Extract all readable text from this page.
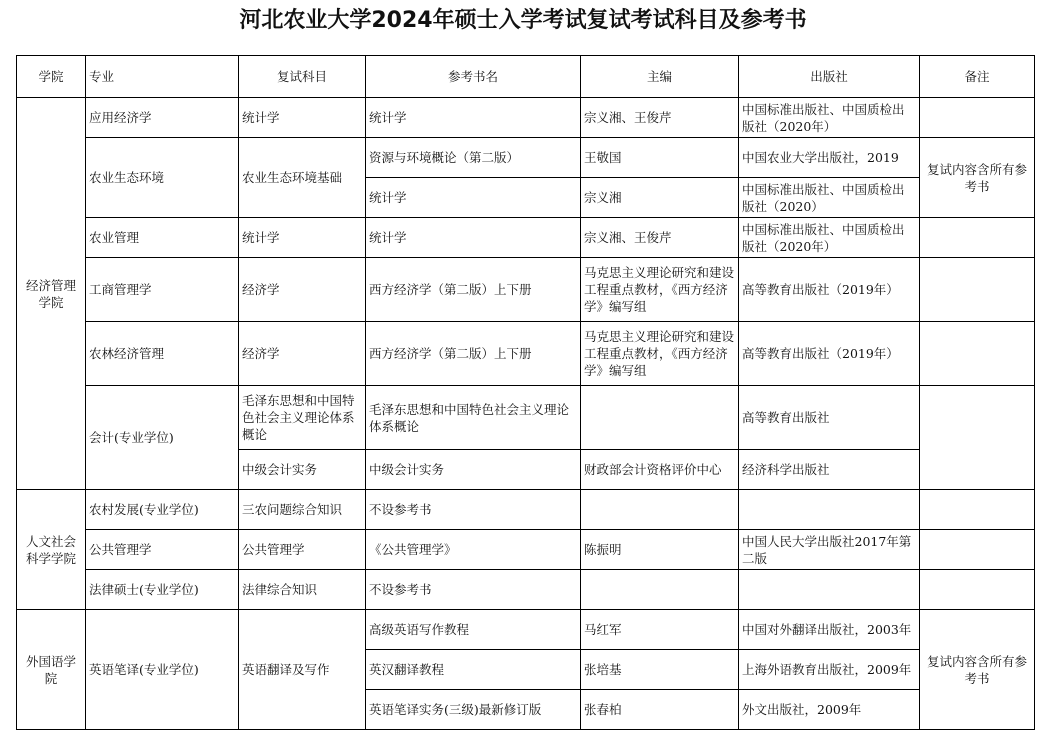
河北农业大学2024年硕士入学考试复试考试科目及参考书
学院	专业	复试科目	参考书名	主编	出版社	备注
经济管理学院	应用经济学	统计学	统计学	宗义湘、王俊芹	中国标准出版社、中国质检出版社（2020年）	
	农业生态环境	农业生态环境基础	资源与环境概论（第二版）	王敬国	中国农业大学出版社，2019	复试内容含所有参考书
			统计学	宗义湘	中国标准出版社、中国质检出版社（2020）	
	农业管理	统计学	统计学	宗义湘、王俊芹	中国标准出版社、中国质检出版社（2020年）	
	工商管理学	经济学	西方经济学（第二版）上下册	马克思主义理论研究和建设工程重点教材，《西方经济学》编写组	高等教育出版社（2019年）	
	农林经济管理	经济学	西方经济学（第二版）上下册	马克思主义理论研究和建设工程重点教材，《西方经济学》编写组	高等教育出版社（2019年）	
	会计(专业学位)	毛泽东思想和中国特色社会主义理论体系概论	毛泽东思想和中国特色社会主义理论体系概论		高等教育出版社	
		中级会计实务	中级会计实务	财政部会计资格评价中心	经济科学出版社	
人文社会科学学院	农村发展(专业学位)	三农问题综合知识	不设参考书			
	公共管理学	公共管理学	《公共管理学》	陈振明	中国人民大学出版社2017年第二版	
	法律硕士(专业学位)	法律综合知识	不设参考书			
外国语学院	英语笔译(专业学位)	英语翻译及写作	高级英语写作教程	马红军	中国对外翻译出版社，2003年	复试内容含所有参考书
			英汉翻译教程	张培基	上海外语教育出版社，2009年	
			英语笔译实务(三级)最新修订版	张春柏	外文出版社，2009年	
